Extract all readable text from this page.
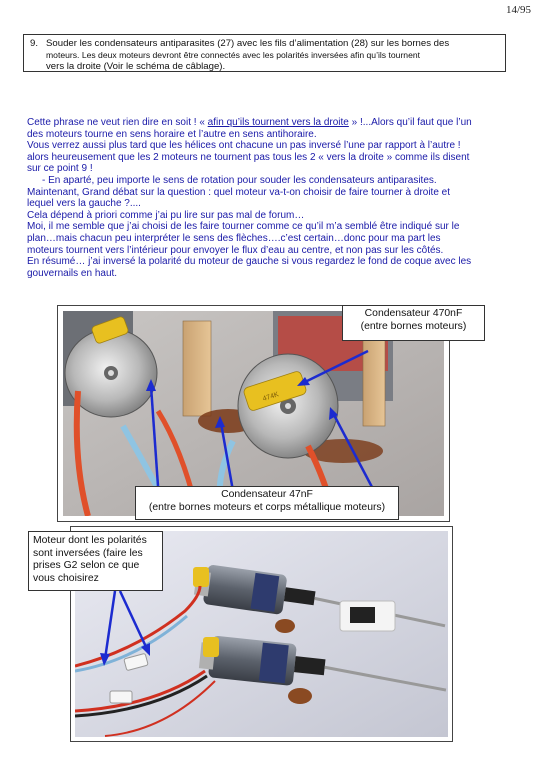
14/95
9. Souder les condensateurs antiparasites (27) avec les fils d’alimentation (28) sur les bornes des
moteurs. Les deux moteurs devront être connectés avec les polarités inversées afin qu’ils tournent
vers la droite (Voir le schéma de câblage).

Cette phrase ne veut rien dire en soit ! « afin qu’ils tournent vers la droite » !...Alors qu’il faut que l’un

des moteurs tourne en sens horaire et l’autre en sens antihoraire.

Vous verrez aussi plus tard que les hélices ont chacune un pas inversé l’une par rapport à l’autre !

alors heureusement que les 2 moteurs ne tournent pas tous les 2 « vers la droite » comme ils disent

sur ce point 9 !

- En aparté, peu importe le sens de rotation pour souder les condensateurs antiparasites.

Maintenant, Grand débat sur la question : quel moteur va-t-on choisir de faire tourner à droite et

lequel vers la gauche ?....

Cela dépend à priori comme j’ai pu lire sur pas mal de forum…

Moi, il me semble que j’ai choisi de les faire tourner comme ce qu’il m’a semblé être indiqué sur le

plan…mais chacun peu interpréter le sens des flèches….c’est certain…donc pour ma part les

moteurs tournent vers l’intérieur pour envoyer le flux d’eau au centre, et non pas sur les côtés.

En résumé… j’ai inversé la polarité du moteur de gauche si vous regardez le fond de coque avec les

gouvernails en haut.

474K
Condensateur 470nF
(entre bornes moteurs)
Condensateur 47nF
(entre bornes moteurs et corps métallique moteurs)
Moteur dont les polarités
sont inversées (faire les
prises G2 selon ce que
vous choisirez
